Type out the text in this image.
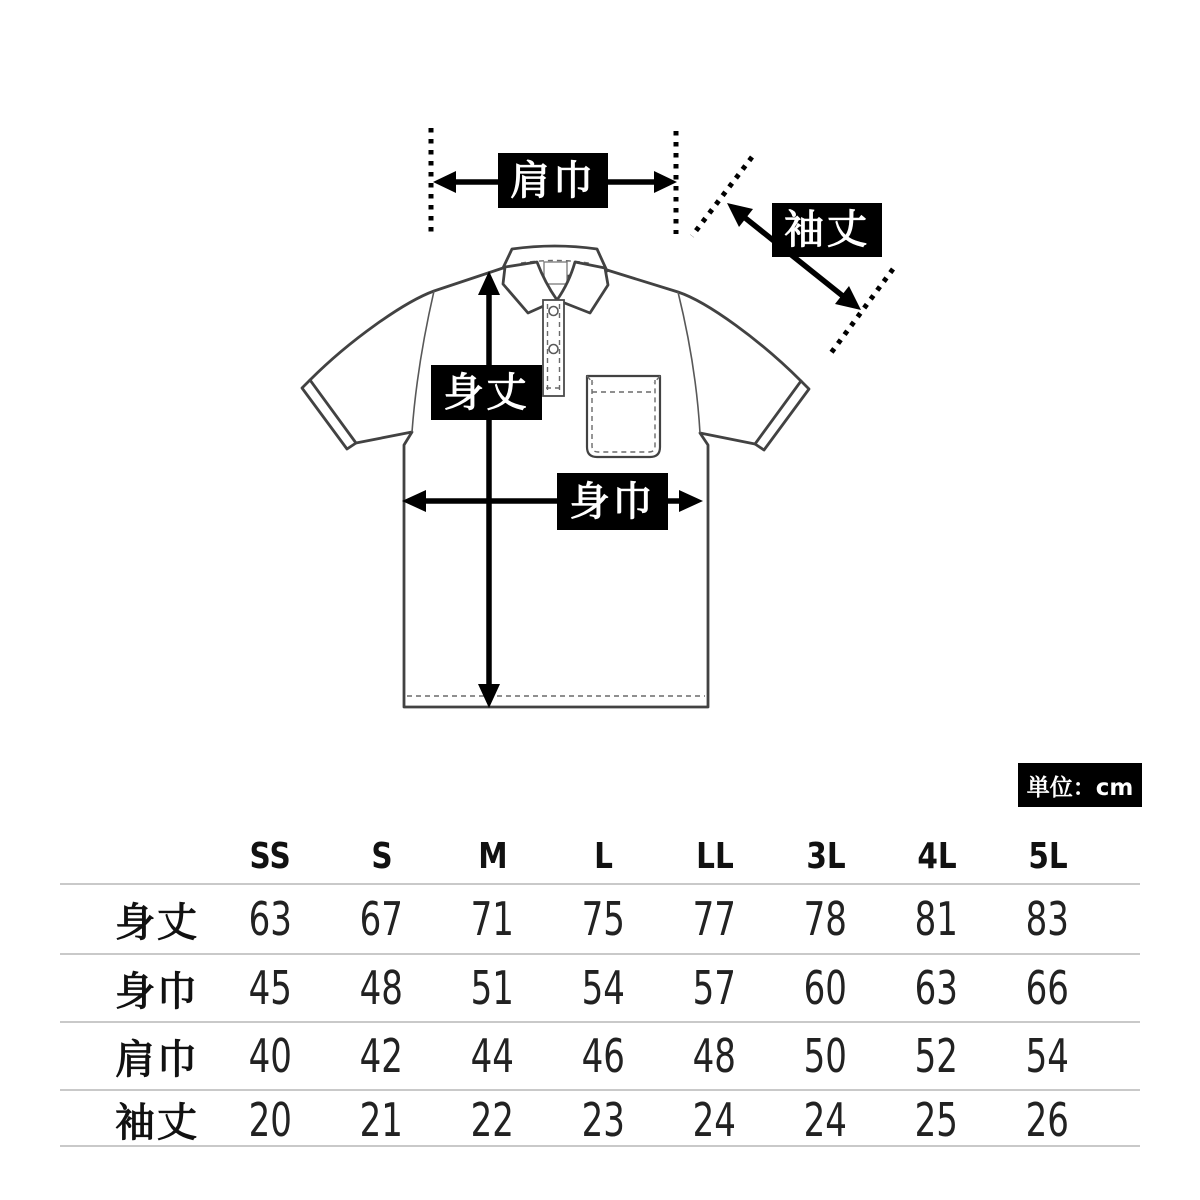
肩巾
袖丈
身丈
身巾
単位：cm
SS S M L LL 3L 4L 5L
身丈	63 67 71 75 77 78 81 83
身巾	45 48 51 54 57 60 63 66
肩巾	40 42 44 46 48 50 52 54
袖丈	20 21 22 23 24 24 25 26
